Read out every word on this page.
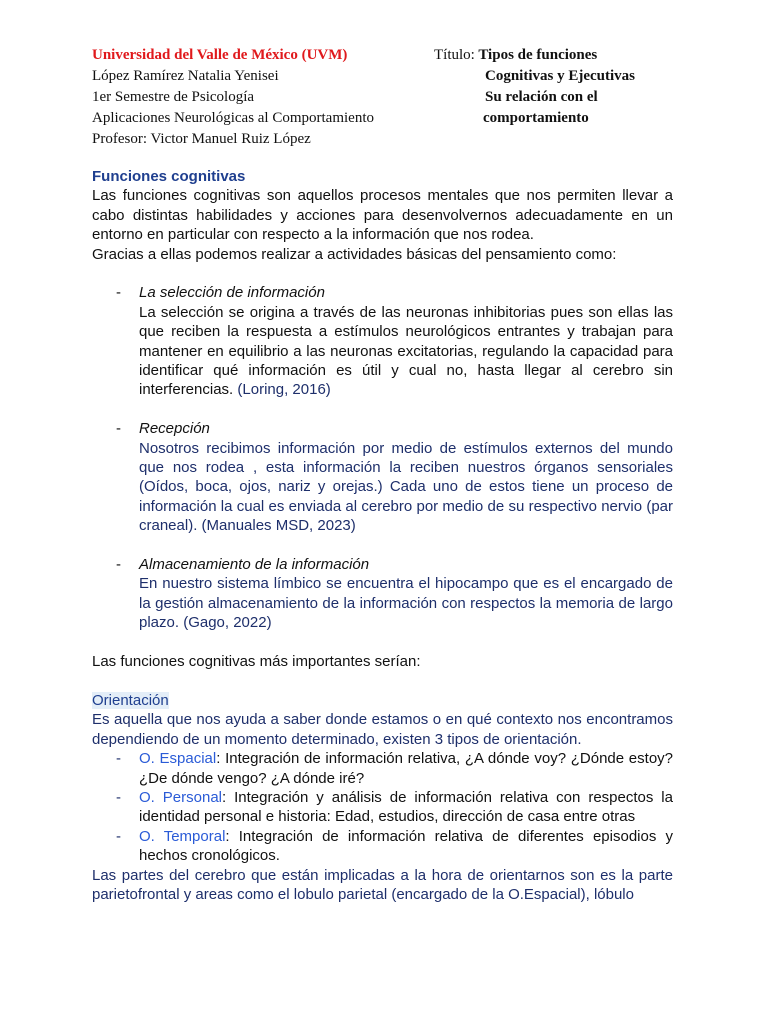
Universidad del Valle de México (UVM)
López Ramírez Natalia Yenisei
1er Semestre de Psicología
Aplicaciones Neurológicas al Comportamiento
Profesor: Victor Manuel Ruiz López
Título: Tipos de funciones
Cognitivas y Ejecutivas
Su relación con el
comportamiento

Funciones cognitivas

Las funciones cognitivas son aquellos procesos mentales que nos permiten llevar a cabo distintas habilidades y acciones para desenvolvernos adecuadamente en un entorno en particular con respecto a la información que nos rodea.

Gracias a ellas podemos realizar a actividades básicas del pensamiento como:

- La selección de información

La selección se origina a través de las neuronas inhibitorias pues son ellas las que reciben la respuesta a estímulos neurológicos entrantes y trabajan para mantener en equilibrio a las neuronas excitatorias, regulando la capacidad para identificar qué información es útil y cual no, hasta llegar al cerebro sin interferencias. (Loring, 2016)

- Recepción

Nosotros recibimos información por medio de estímulos externos del mundo que nos rodea , esta información la reciben nuestros órganos sensoriales (Oídos, boca, ojos, nariz y orejas.) Cada uno de estos tiene un proceso de información la cual es enviada al cerebro por medio de su respectivo nervio (par craneal). (Manuales MSD, 2023)

- Almacenamiento de la información

En nuestro sistema límbico se encuentra el hipocampo que es el encargado de la gestión almacenamiento de la información con respectos la memoria de largo plazo. (Gago, 2022)

Las funciones cognitivas más importantes serían:

Orientación

Es aquella que nos ayuda a saber donde estamos o en qué contexto nos encontramos dependiendo de un momento determinado, existen 3 tipos de orientación.

- O. Espacial: Integración de información relativa, ¿A dónde voy? ¿Dónde estoy? ¿De dónde vengo? ¿A dónde iré?
- O. Personal: Integración y análisis de información relativa con respectos la identidad personal e historia: Edad, estudios, dirección de casa entre otras
- O. Temporal: Integración de información relativa de diferentes episodios y hechos cronológicos.

Las partes del cerebro que están implicadas a la hora de orientarnos son es la parte parietofrontal y areas como el lobulo parietal (encargado de la O.Espacial), lóbulo
